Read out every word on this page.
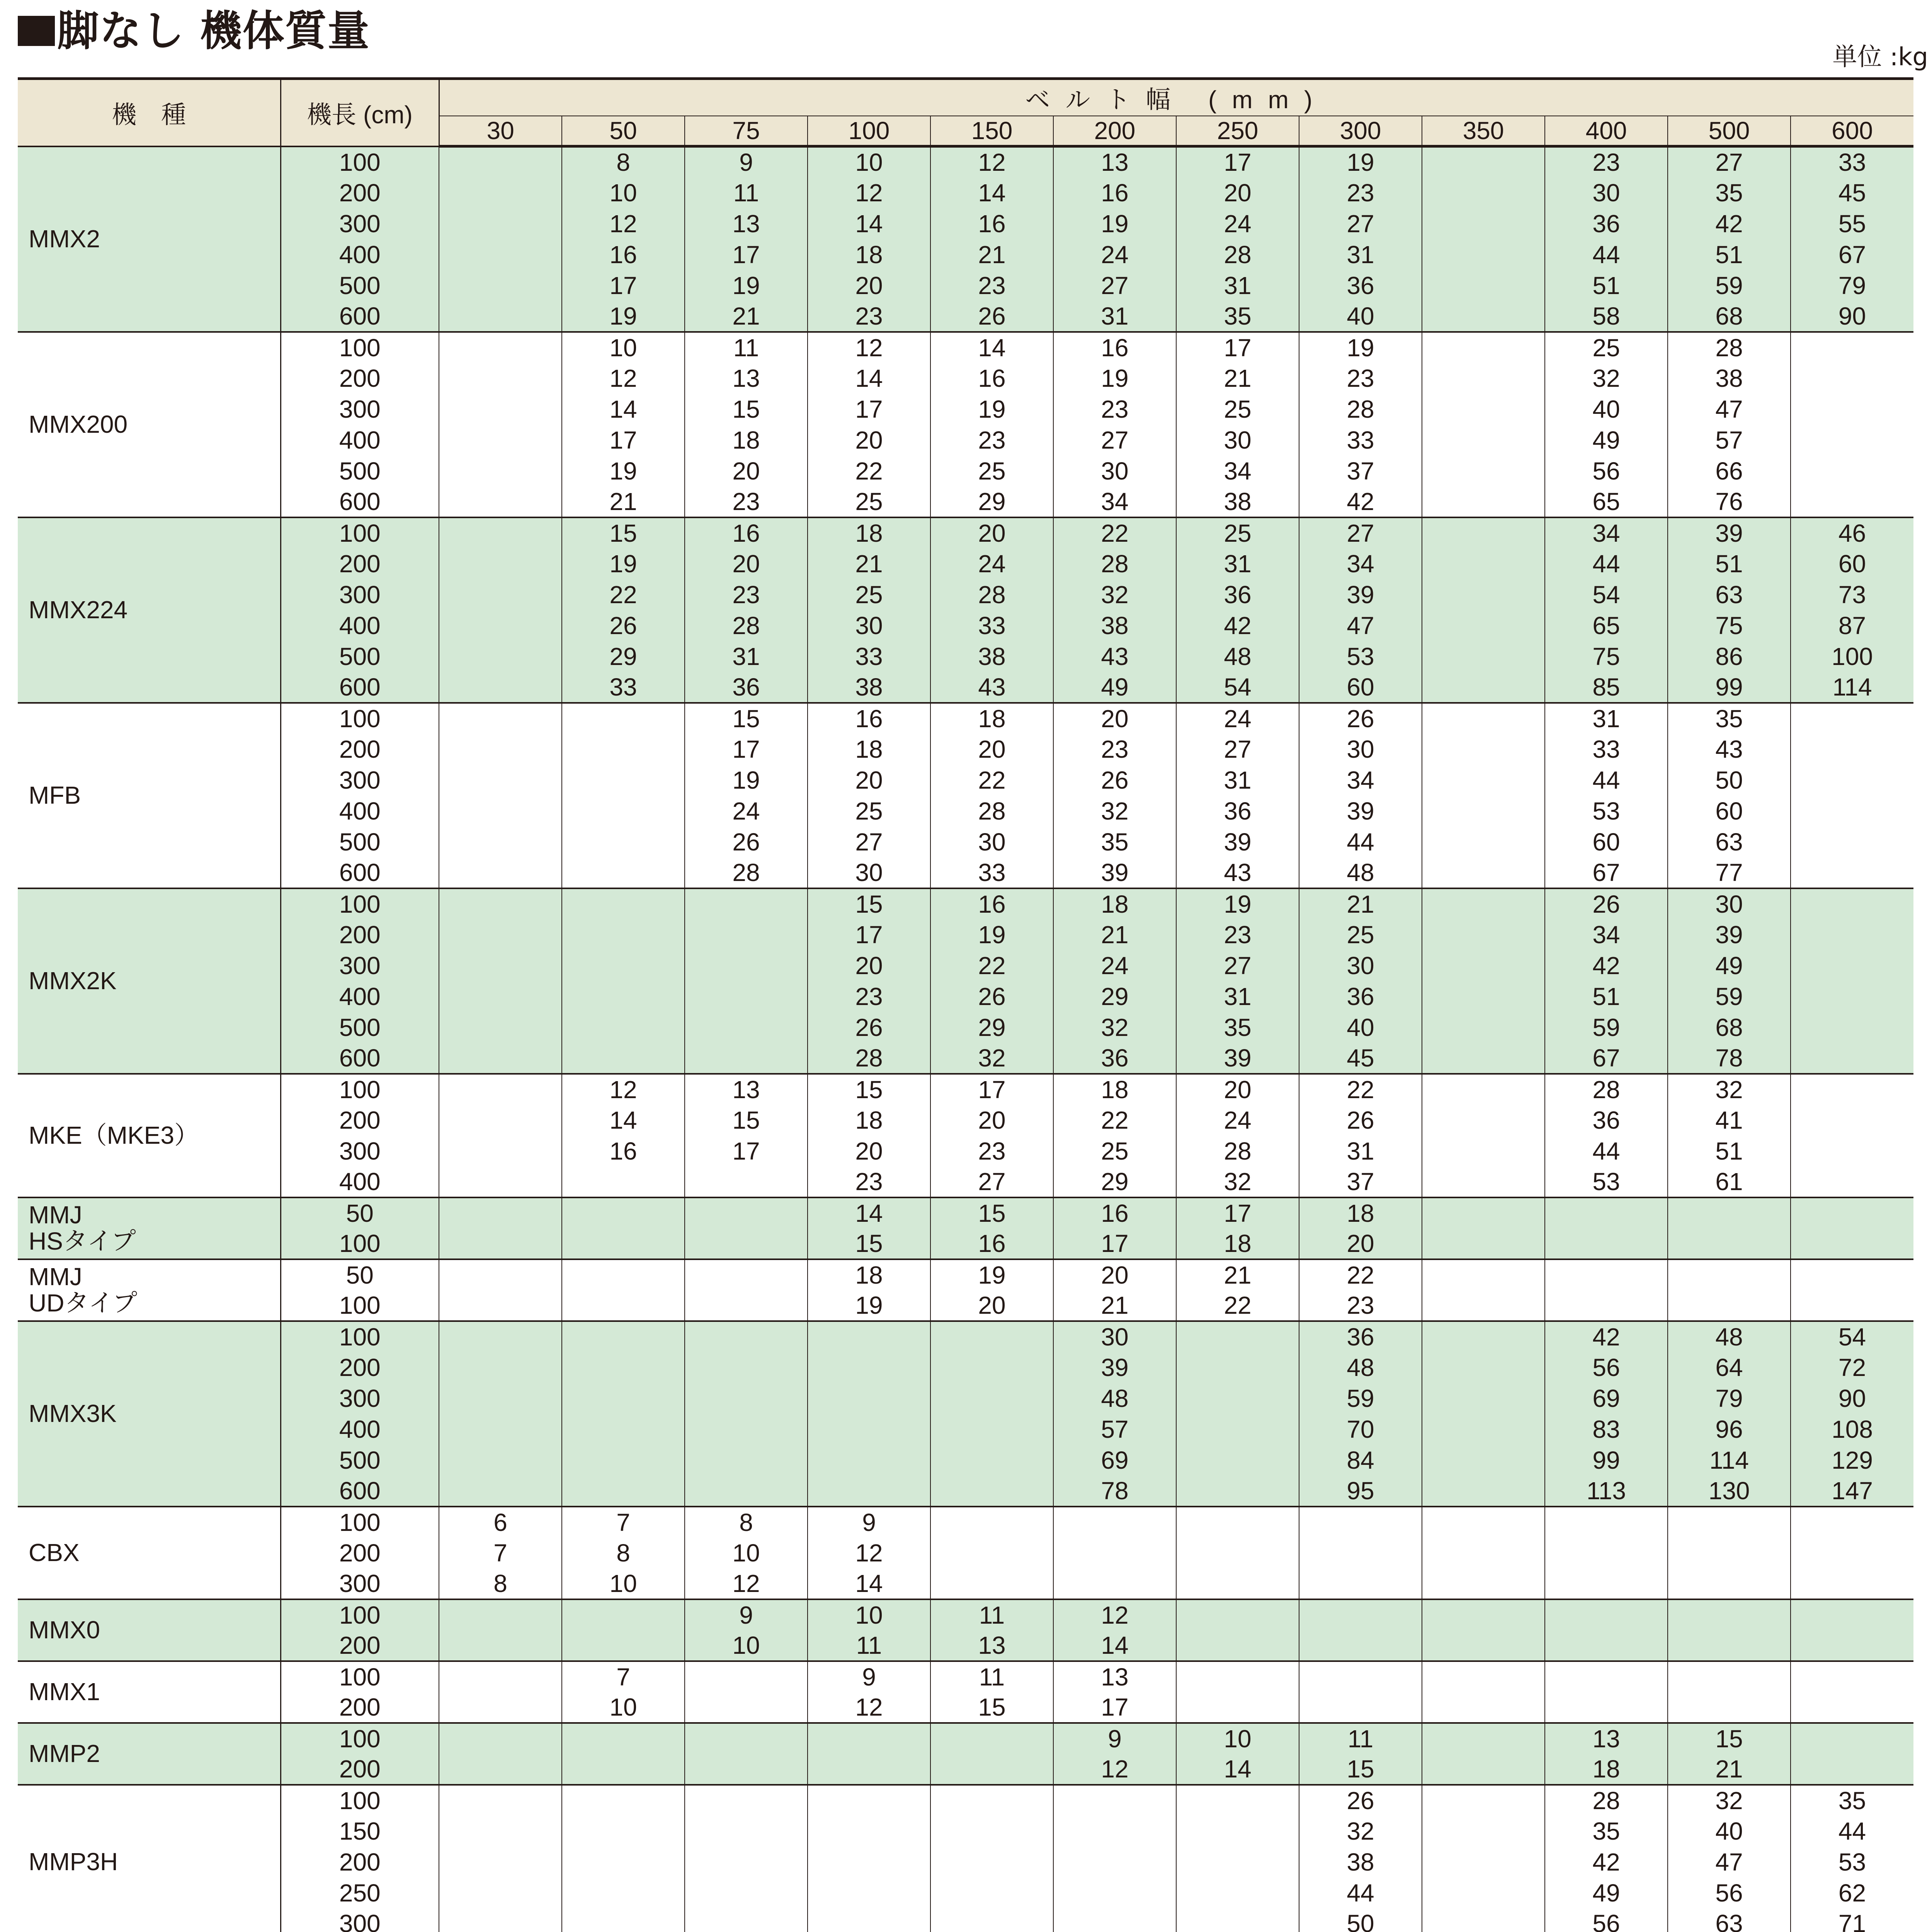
脚なし 機体質量
単位 :kg
機　種	機長 (cm)	ベルト幅 (mm)											
		30	50	75	100	150	200	250	300	350	400	500	600
MMX2	100		8	9	10	12	13	17	19		23	27	33
	200		10	11	12	14	16	20	23		30	35	45
	300		12	13	14	16	19	24	27		36	42	55
	400		16	17	18	21	24	28	31		44	51	67
	500		17	19	20	23	27	31	36		51	59	79
	600		19	21	23	26	31	35	40		58	68	90
MMX200	100		10	11	12	14	16	17	19		25	28	
	200		12	13	14	16	19	21	23		32	38	
	300		14	15	17	19	23	25	28		40	47	
	400		17	18	20	23	27	30	33		49	57	
	500		19	20	22	25	30	34	37		56	66	
	600		21	23	25	29	34	38	42		65	76	
MMX224	100		15	16	18	20	22	25	27		34	39	46
	200		19	20	21	24	28	31	34		44	51	60
	300		22	23	25	28	32	36	39		54	63	73
	400		26	28	30	33	38	42	47		65	75	87
	500		29	31	33	38	43	48	53		75	86	100
	600		33	36	38	43	49	54	60		85	99	114
MFB	100			15	16	18	20	24	26		31	35	
	200			17	18	20	23	27	30		33	43	
	300			19	20	22	26	31	34		44	50	
	400			24	25	28	32	36	39		53	60	
	500			26	27	30	35	39	44		60	63	
	600			28	30	33	39	43	48		67	77	
MMX2K	100				15	16	18	19	21		26	30	
	200				17	19	21	23	25		34	39	
	300				20	22	24	27	30		42	49	
	400				23	26	29	31	36		51	59	
	500				26	29	32	35	40		59	68	
	600				28	32	36	39	45		67	78	
MKE（MKE3）	100		12	13	15	17	18	20	22		28	32	
	200		14	15	18	20	22	24	26		36	41	
	300		16	17	20	23	25	28	31		44	51	
	400				23	27	29	32	37		53	61	
MMJ
HSタイプ	50				14	15	16	17	18				
	100				15	16	17	18	20				
MMJ
UDタイプ	50				18	19	20	21	22				
	100				19	20	21	22	23				
MMX3K	100						30		36		42	48	54
	200						39		48		56	64	72
	300						48		59		69	79	90
	400						57		70		83	96	108
	500						69		84		99	114	129
	600						78		95		113	130	147
CBX	100	6	7	8	9								
	200	7	8	10	12								
	300	8	10	12	14								
MMX0	100			9	10	11	12						
	200			10	11	13	14						
MMX1	100		7		9	11	13						
	200		10		12	15	17						
MMP2	100						9	10	11		13	15	
	200						12	14	15		18	21	
MMP3H	100								26		28	32	35
	150								32		35	40	44
	200								38		42	47	53
	250								44		49	56	62
	300								50		56	63	71
